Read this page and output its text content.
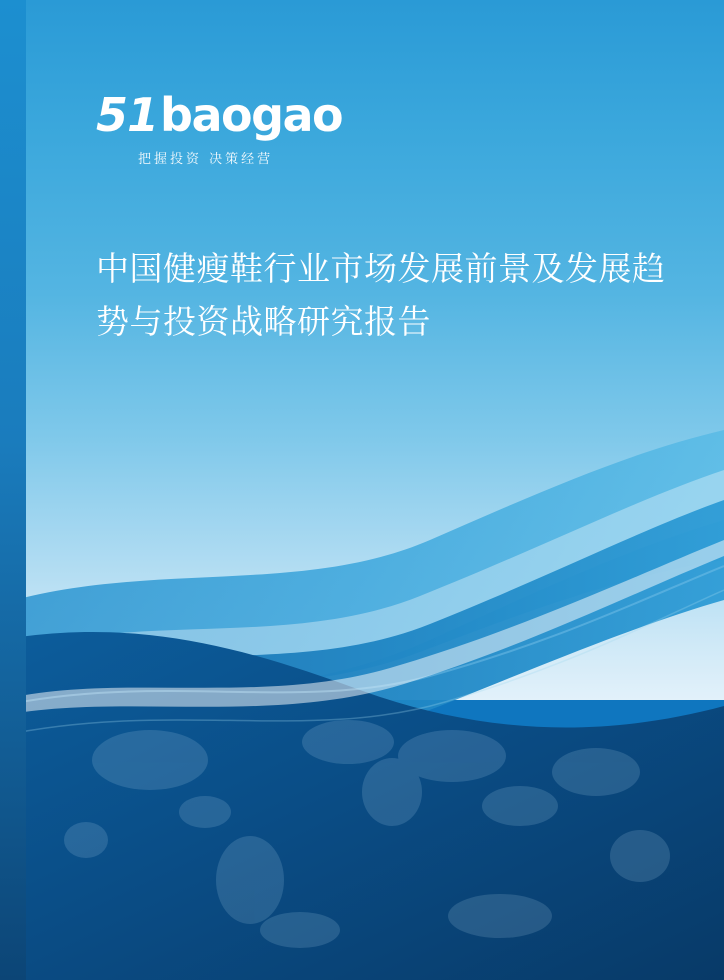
51 baogao
把握投资 决策经营
中国健瘦鞋行业市场发展前景及发展趋势与投资战略研究报告
